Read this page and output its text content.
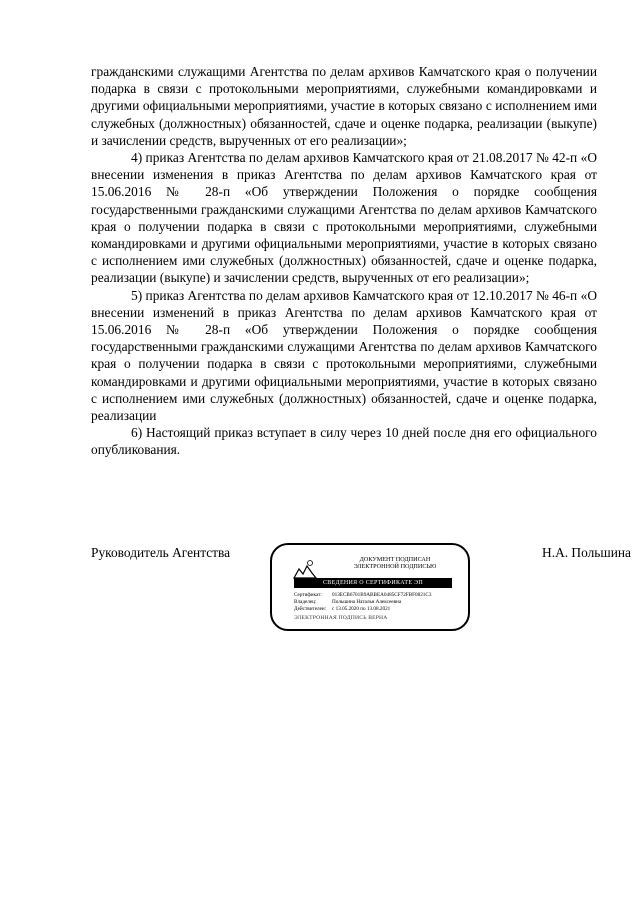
гражданскими служащими Агентства по делам архивов Камчатского края о получении подарка в связи с протокольными мероприятиями, служебными командировками и другими официальными мероприятиями, участие в которых связано с исполнением ими служебных (должностных) обязанностей, сдаче и оценке подарка, реализации (выкупе) и зачислении средств, вырученных от его реализации»;

4) приказ Агентства по делам архивов Камчатского края от 21.08.2017 № 42-п «О внесении изменения в приказ Агентства по делам архивов Камчатского края от 15.06.2016 № 28-п «Об утверждении Положения о порядке сообщения государственными гражданскими служащими Агентства по делам архивов Камчатского края о получении подарка в связи с протокольными мероприятиями, служебными командировками и другими официальными мероприятиями, участие в которых связано с исполнением ими служебных (должностных) обязанностей, сдаче и оценке подарка, реализации (выкупе) и зачислении средств, вырученных от его реализации»;

5) приказ Агентства по делам архивов Камчатского края от 12.10.2017 № 46-п «О внесении изменений в приказ Агентства по делам архивов Камчатского края от 15.06.2016 № 28-п «Об утверждении Положения о порядке сообщения государственными гражданскими служащими Агентства по делам архивов Камчатского края о получении подарка в связи с протокольными мероприятиями, служебными командировками и другими официальными мероприятиями, участие в которых связано с исполнением ими служебных (должностных) обязанностей, сдаче и оценке подарка, реализации

6) Настоящий приказ вступает в силу через 10 дней после дня его официального опубликования.

Руководитель Агентства	ДОКУМЕНТ ПОДПИСАН
ЭЛЕКТРОННОЙ ПОДПИСЬЮ
СВЕДЕНИЯ О СЕРТИФИКАТЕ ЭП
Сертификат:	013ECB6701B9ABBEA0485CF72FBF0821C3
Владелец:	Польшина Наталья Алексеевна
Действителен:	с 13.05.2020 по 13.08.2021
ЭЛЕКТРОННАЯ ПОДПИСЬ ВЕРНА
Н.А. Польшина
